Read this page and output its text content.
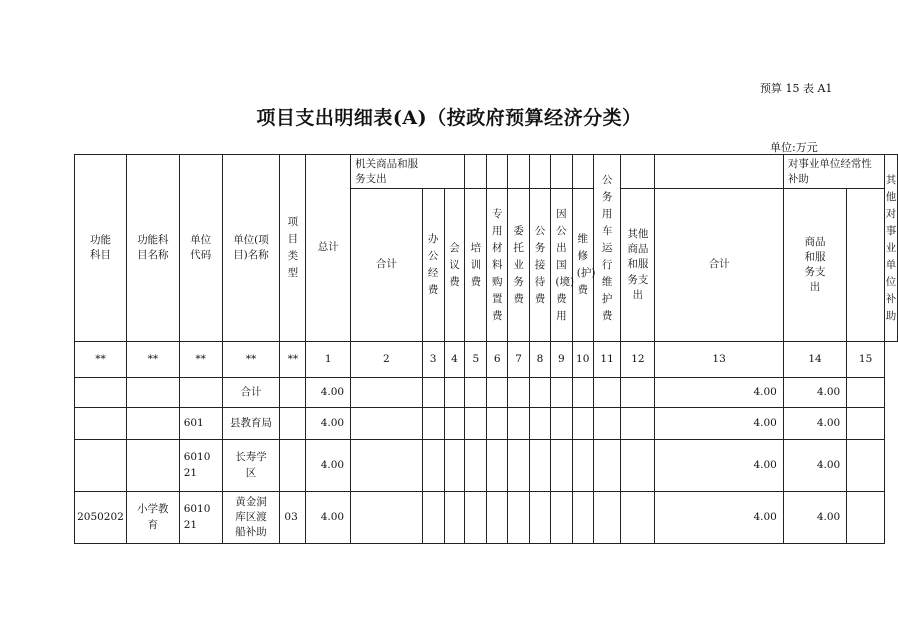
预算 15 表 A1
项目支出明细表(A)（按政府预算经济分类）
单位:万元
功能科目	功能科目名称	单位代码	单位(项目)名称	项目类型	总计	机关商品和服务支出									公务用车运行维护费			对事业单位经常性补助		其他对事业单位补助
						合计	办公经费	会议费	培训费	专用材料购置费	委托业务费	公务接待费	因公出国(境)费用	维修(护)费		其他商品和服务支出	合计	商品和服务支出		
**	**	**	**	**	1	2	3	4	5	6	7	8	9	10	11	12	13	14	15	
			合计		4.00												4.00	4.00		
		601	县教育局		4.00												4.00	4.00		
		601021	长寿学区		4.00												4.00	4.00		
2050202	小学教育	601021	黄金洞库区渡船补助	03	4.00												4.00	4.00		
